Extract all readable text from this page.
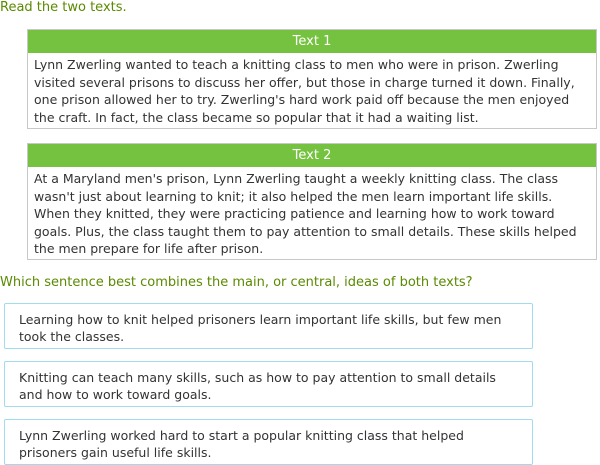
Read the two texts.
Text 1
Lynn Zwerling wanted to teach a knitting class to men who were in prison. Zwerling visited several prisons to discuss her offer, but those in charge turned it down. Finally, one prison allowed her to try. Zwerling's hard work paid off because the men enjoyed the craft. In fact, the class became so popular that it had a waiting list.
Text 2
At a Maryland men's prison, Lynn Zwerling taught a weekly knitting class. The class wasn't just about learning to knit; it also helped the men learn important life skills. When they knitted, they were practicing patience and learning how to work toward goals. Plus, the class taught them to pay attention to small details. These skills helped the men prepare for life after prison.
Which sentence best combines the main, or central, ideas of both texts?
Learning how to knit helped prisoners learn important life skills, but few men took the classes.
Knitting can teach many skills, such as how to pay attention to small details and how to work toward goals.
Lynn Zwerling worked hard to start a popular knitting class that helped prisoners gain useful life skills.
